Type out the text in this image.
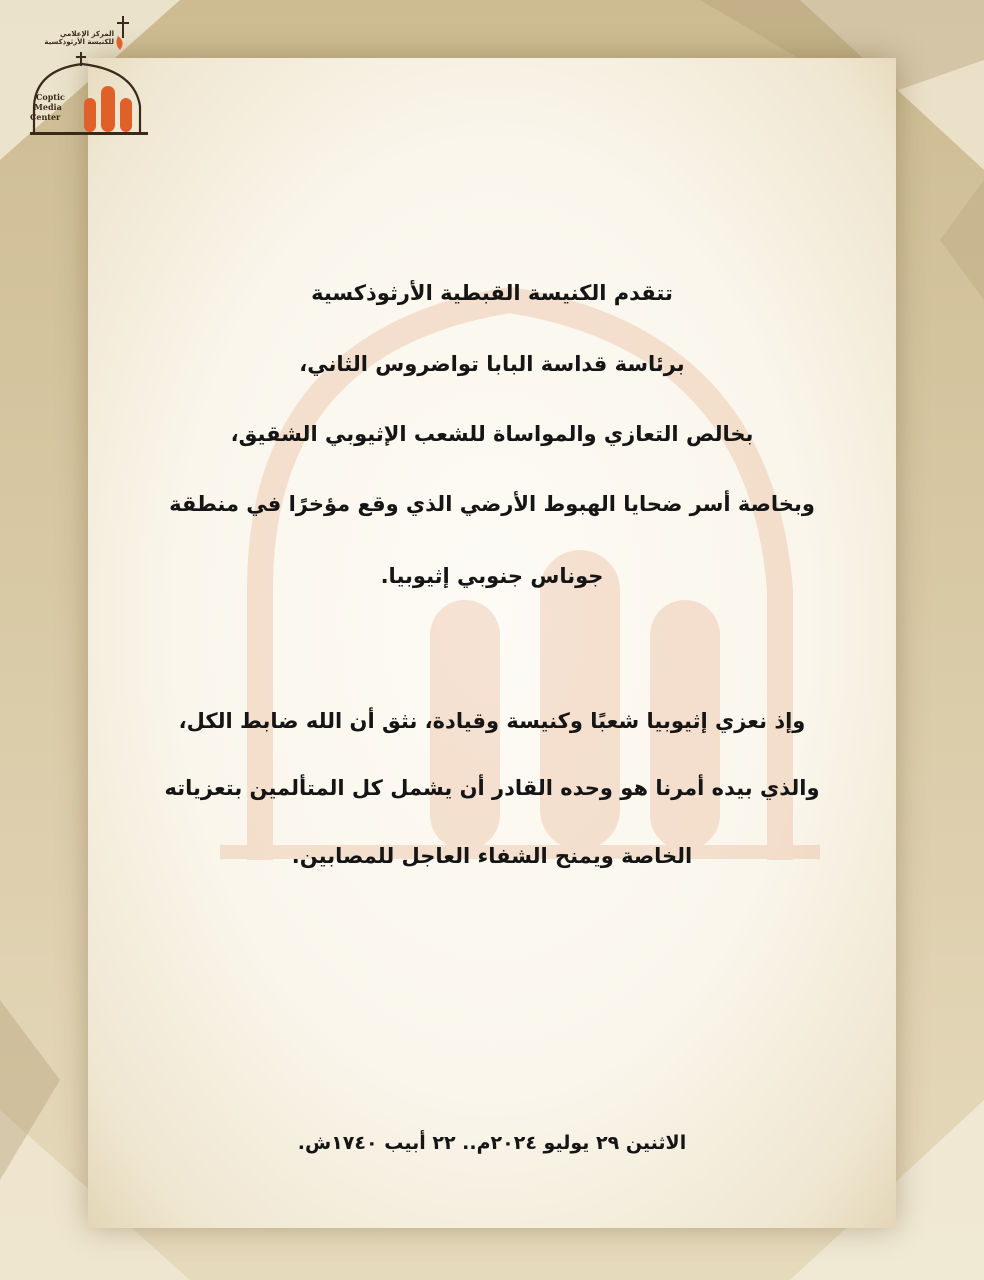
المركز الإعلامي
للكنيسة الأرثوذكسية
Coptic
Media
Center
تتقدم الكنيسة القبطية الأرثوذكسية
برئاسة قداسة البابا تواضروس الثاني،
بخالص التعازي والمواساة للشعب الإثيوبي الشقيق،
وبخاصة أسر ضحايا الهبوط الأرضي الذي وقع مؤخرًا في منطقة
جوناس جنوبي إثيوبيا.
وإذ نعزي إثيوبيا شعبًا وكنيسة وقيادة، نثق أن الله ضابط الكل،
والذي بيده أمرنا هو وحده القادر أن يشمل كل المتألمين بتعزياته
الخاصة ويمنح الشفاء العاجل للمصابين.
الاثنين ٢٩ يوليو ٢٠٢٤م.. ٢٢ أبيب ١٧٤٠ش.
